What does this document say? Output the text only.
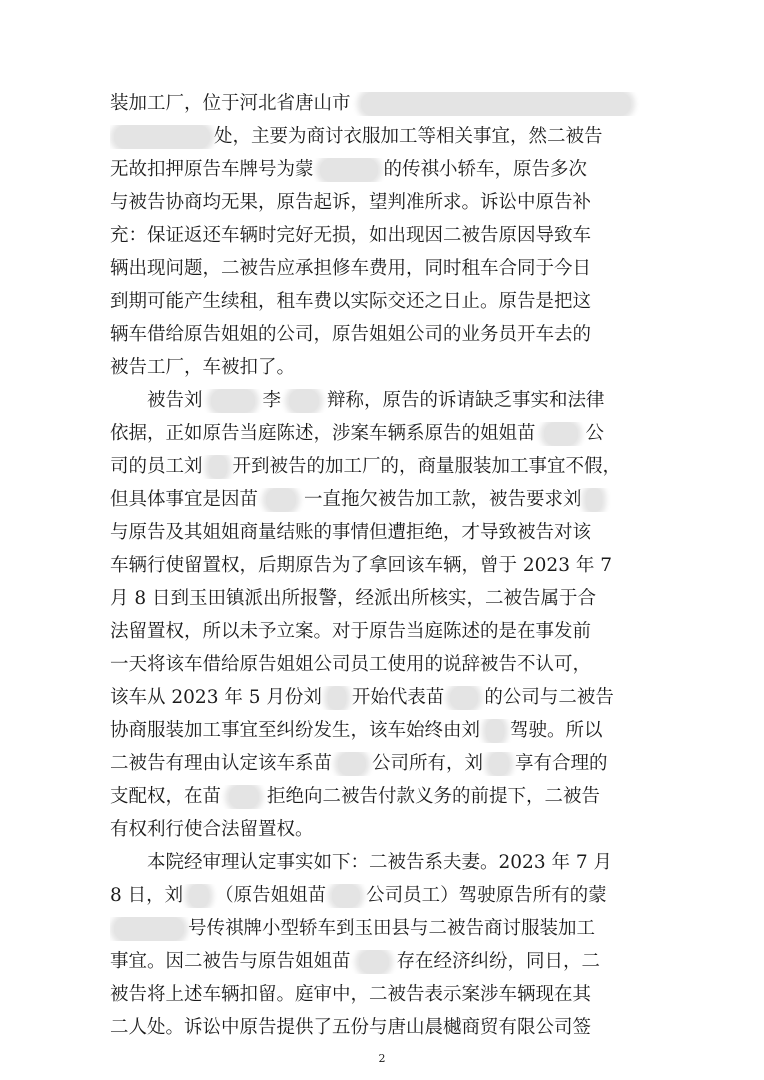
装加工厂，位于河北省唐山市
处，主要为商讨衣服加工等相关事宜，然二被告
无故扣押原告车牌号为蒙	的传祺小轿车，原告多次
与被告协商均无果，原告起诉，望判准所求。诉讼中原告补
充：保证返还车辆时完好无损，如出现因二被告原因导致车
辆出现问题，二被告应承担修车费用，同时租车合同于今日
到期可能产生续租，租车费以实际交还之日止。原告是把这
辆车借给原告姐姐的公司，原告姐姐公司的业务员开车去的
被告工厂，车被扣了。
　　被告刘	李 辩称，原告的诉请缺乏事实和法律
依据，正如原告当庭陈述，涉案车辆系原告的姐姐苗	公
司的员工刘 开到被告的加工厂的，商量服装加工事宜不假，
但具体事宜是因苗 一直拖欠被告加工款，被告要求刘
与原告及其姐姐商量结账的事情但遭拒绝，才导致被告对该
车辆行使留置权，后期原告为了拿回该车辆，曾于 2023 年 7
月 8 日到玉田镇派出所报警，经派出所核实，二被告属于合
法留置权，所以未予立案。对于原告当庭陈述的是在事发前
一天将该车借给原告姐姐公司员工使用的说辞被告不认可，
该车从 2023 年 5 月份刘 开始代表苗 的公司与二被告
协商服装加工事宜至纠纷发生，该车始终由刘 驾驶。所以
二被告有理由认定该车系苗 公司所有，刘 享有合理的
支配权，在苗 拒绝向二被告付款义务的前提下，二被告
有权利行使合法留置权。
　　本院经审理认定事实如下：二被告系夫妻。2023 年 7 月
8 日，刘 （原告姐姐苗 公司员工）驾驶原告所有的蒙
号传祺牌小型轿车到玉田县与二被告商讨服装加工
事宜。因二被告与原告姐姐苗 存在经济纠纷，同日，二
被告将上述车辆扣留。庭审中，二被告表示案涉车辆现在其
二人处。诉讼中原告提供了五份与唐山晨樾商贸有限公司签
2
